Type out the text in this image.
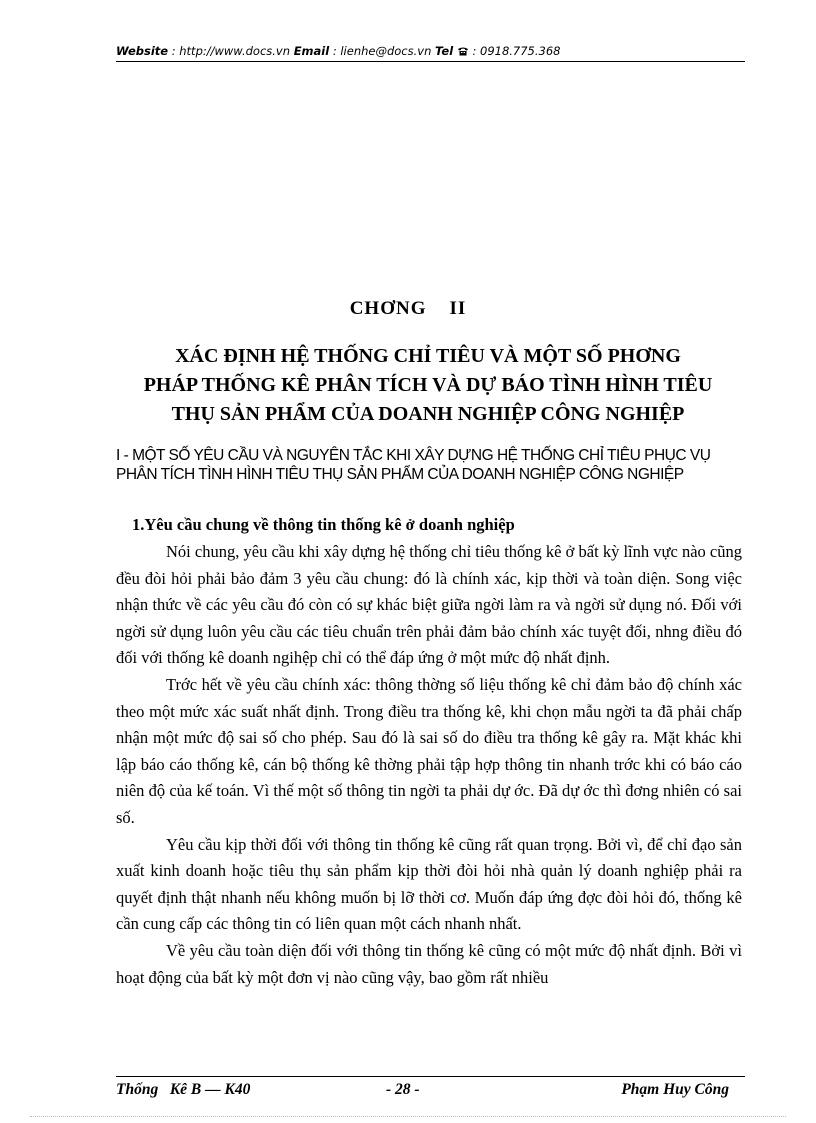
Website : http://www.docs.vn Email : lienhe@docs.vn Tel : 0918.775.368
CHƠNG    II
XÁC ĐỊNH HỆ THỐNG CHỈ TIÊU VÀ MỘT SỐ PHƠNG
PHÁP THỐNG KÊ PHÂN TÍCH VÀ DỰ BÁO TÌNH HÌNH TIÊU
THỤ SẢN PHẨM CỦA DOANH NGHIỆP CÔNG NGHIỆP
I - MỘT SỐ YÊU CẦU VÀ NGUYÊN TẮC KHI XÂY DỰNG HỆ THỐNG CHỈ TIÊU PHỤC VỤ PHÂN TÍCH TÌNH HÌNH TIÊU THỤ SẢN PHẨM CỦA DOANH NGHIỆP CÔNG NGHIỆP
1.Yêu cầu chung về thông tin thống kê ở doanh nghiệp

Nói chung, yêu cầu khi xây dựng hệ thống chỉ tiêu thống kê ở bất kỳ lĩnh vực nào cũng đều đòi hỏi phải bảo đảm 3 yêu cầu chung: đó là chính xác, kịp thời và toàn diện. Song việc nhận thức về các yêu cầu đó còn có sự khác biệt giữa ngời làm ra và ngời sử dụng nó. Đối với ngời sử dụng luôn yêu cầu các tiêu chuẩn trên phải đảm bảo chính xác tuyệt đối, nhng điều đó đối với thống kê doanh ngihệp chỉ có thể đáp ứng ở một mức độ nhất định.

Trớc hết về yêu cầu chính xác: thông thờng số liệu thống kê chỉ đảm bảo độ chính xác theo một mức xác suất nhất định. Trong điều tra thống kê, khi chọn mẫu ngời ta đã phải chấp nhận một mức độ sai số cho phép. Sau đó là sai số do điều tra thống kê gây ra. Mặt khác khi lập báo cáo thống kê, cán bộ thống kê thờng phải tập hợp thông tin nhanh trớc khi có báo cáo niên độ của kế toán. Vì thế một số thông tin ngời ta phải dự ớc. Đã dự ớc thì đơng nhiên có sai số.

Yêu cầu kịp thời đối với thông tin thống kê cũng rất quan trọng. Bởi vì, để chỉ đạo sản xuất kinh doanh hoặc tiêu thụ sản phẩm kịp thời đòi hỏi nhà quản lý doanh nghiệp phải ra quyết định thật nhanh nếu không muốn bị lỡ thời cơ. Muốn đáp ứng đợc đòi hỏi đó, thống kê cần cung cấp các thông tin có liên quan một cách nhanh nhất.

Về yêu cầu toàn diện đối với thông tin thống kê cũng có một mức độ nhất định. Bởi vì hoạt động của bất kỳ một đơn vị nào cũng vậy, bao gồm rất nhiều

Thống   Kê B — K40	- 28 -	Phạm Huy Công
